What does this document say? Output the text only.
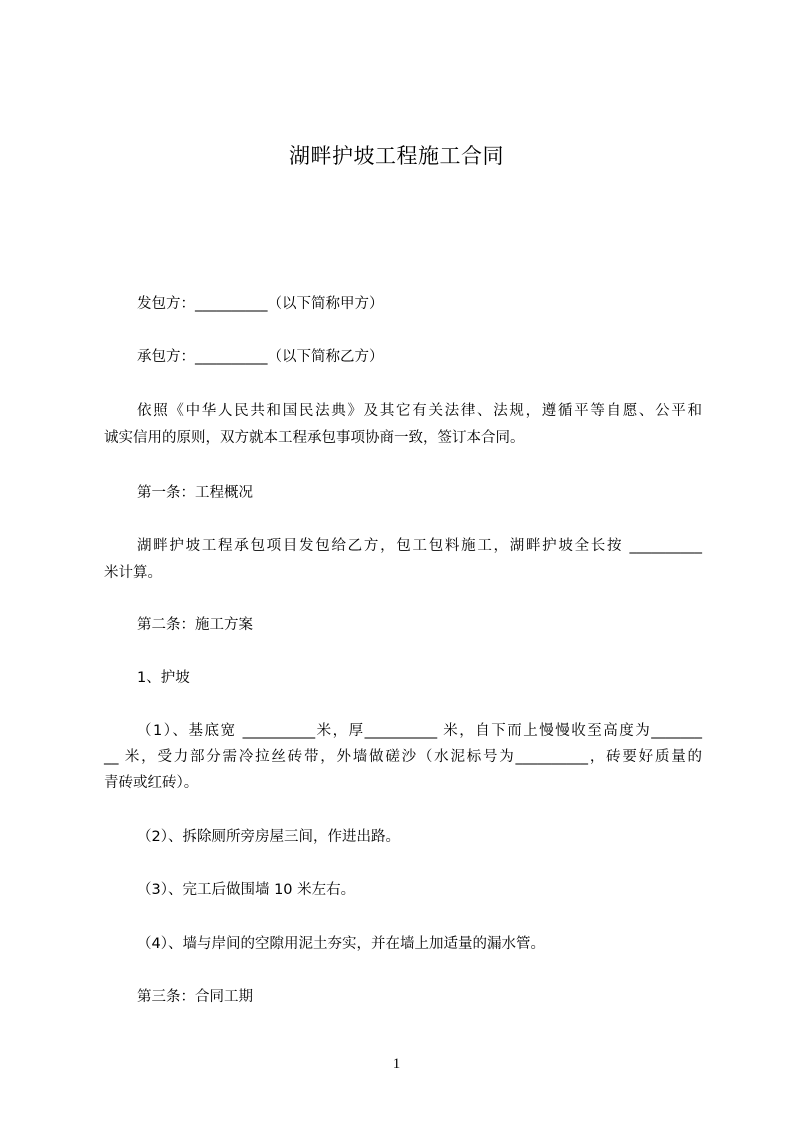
湖畔护坡工程施工合同
发包方：__________（以下简称甲方）
承包方：__________（以下简称乙方）
依照《中华人民共和国民法典》及其它有关法律、法规，遵循平等自愿、公平和
诚实信用的原则，双方就本工程承包事项协商一致，签订本合同。
第一条：工程概况
湖畔护坡工程承包项目发包给乙方，包工包料施工，湖畔护坡全长按 __________
米计算。
第二条：施工方案
1、护坡
（1）、基底宽 __________米，厚__________ 米，自下而上慢慢收至高度为_______
__ 米，受力部分需冷拉丝砖带，外墙做磋沙（水泥标号为__________，砖要好质量的
青砖或红砖）。
（2）、拆除厕所旁房屋三间，作进出路。
（3）、完工后做围墙 10 米左右。
（4）、墙与岸间的空隙用泥土夯实，并在墙上加适量的漏水管。
第三条：合同工期
1
